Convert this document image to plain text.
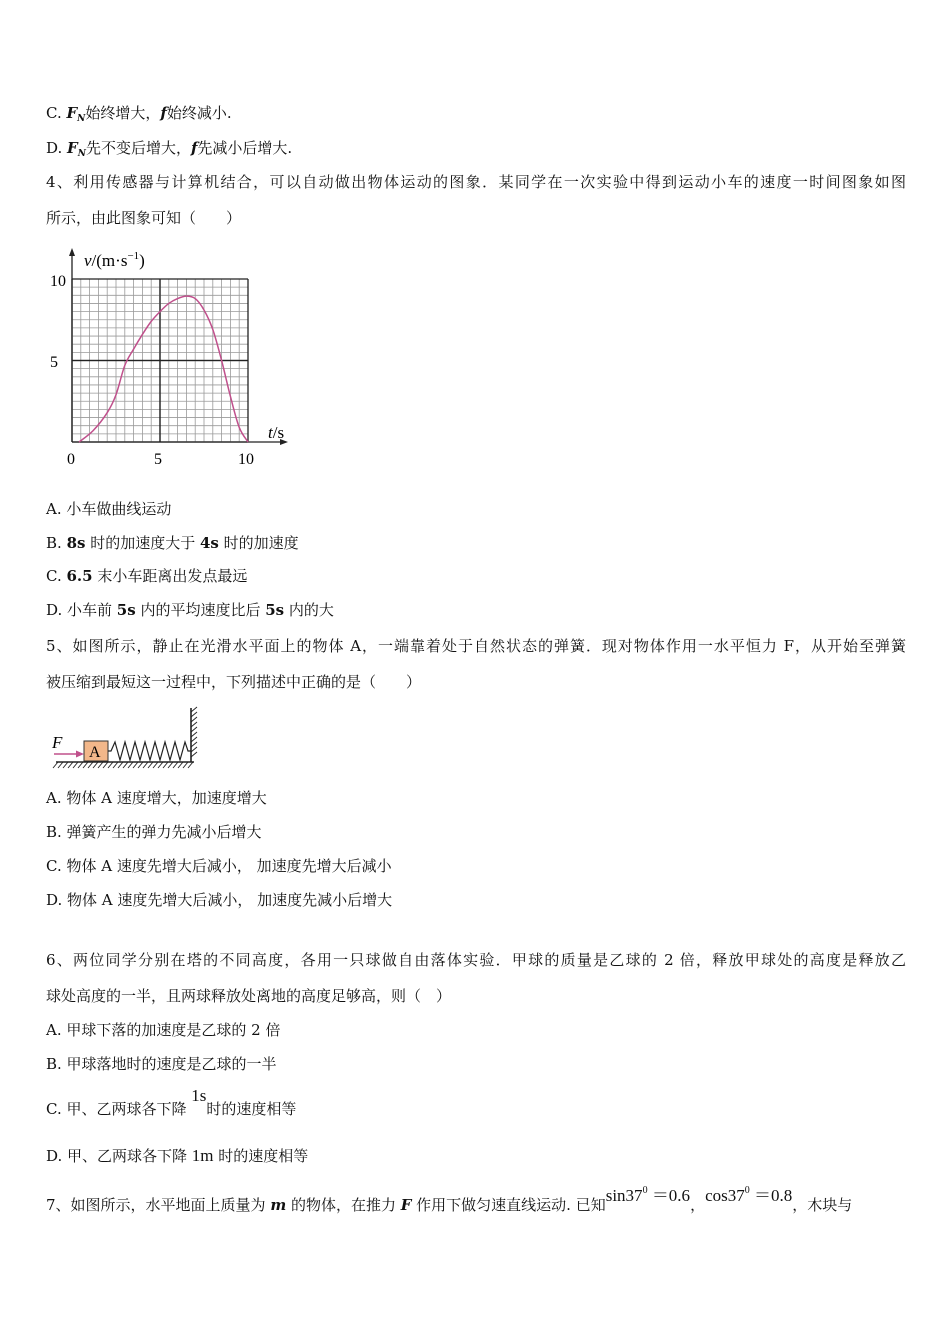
C. $F_N$始终增大，f始终减小.
D. $F_N$先不变后增大，f先减小后增大.
4、利用传感器与计算机结合，可以自动做出物体运动的图象．某同学在一次实验中得到运动小车的速度一时间图象如图
所示，由此图象可知（　　）
$v/(m\cdot s^{-1})$
t/s
10
5
0	5	10
A. 小车做曲线运动
B. 8s 时的加速度大于 4s 时的加速度
C. 6.5 末小车距离出发点最远
D. 小车前 5s 内的平均速度比后 5s 内的大
5、如图所示，静止在光滑水平面上的物体 A，一端靠着处于自然状态的弹簧．现对物体作用一水平恒力 F，从开始至弹簧
被压缩到最短这一过程中，下列描述中正确的是（　　）
F
A
A. 物体 A 速度增大，加速度增大
B. 弹簧产生的弹力先减小后增大
C. 物体 A 速度先增大后减小， 加速度先增大后减小
D. 物体 A 速度先增大后减小， 加速度先减小后增大
6、两位同学分别在塔的不同高度，各用一只球做自由落体实验．甲球的质量是乙球的 2 倍，释放甲球处的高度是释放乙
球处高度的一半，且两球释放处离地的高度足够高，则（　）
A. 甲球下落的加速度是乙球的 2 倍
B. 甲球落地时的速度是乙球的一半
C. 甲、乙两球各下降 1s时的速度相等
D. 甲、乙两球各下降 1m 时的速度相等
7、如图所示，水平地面上质量为 m 的物体，在推力 F 作用下做匀速直线运动. 已知$\sin 37^0 =0.6$，$\cos 37^0 =0.8$，木块与
